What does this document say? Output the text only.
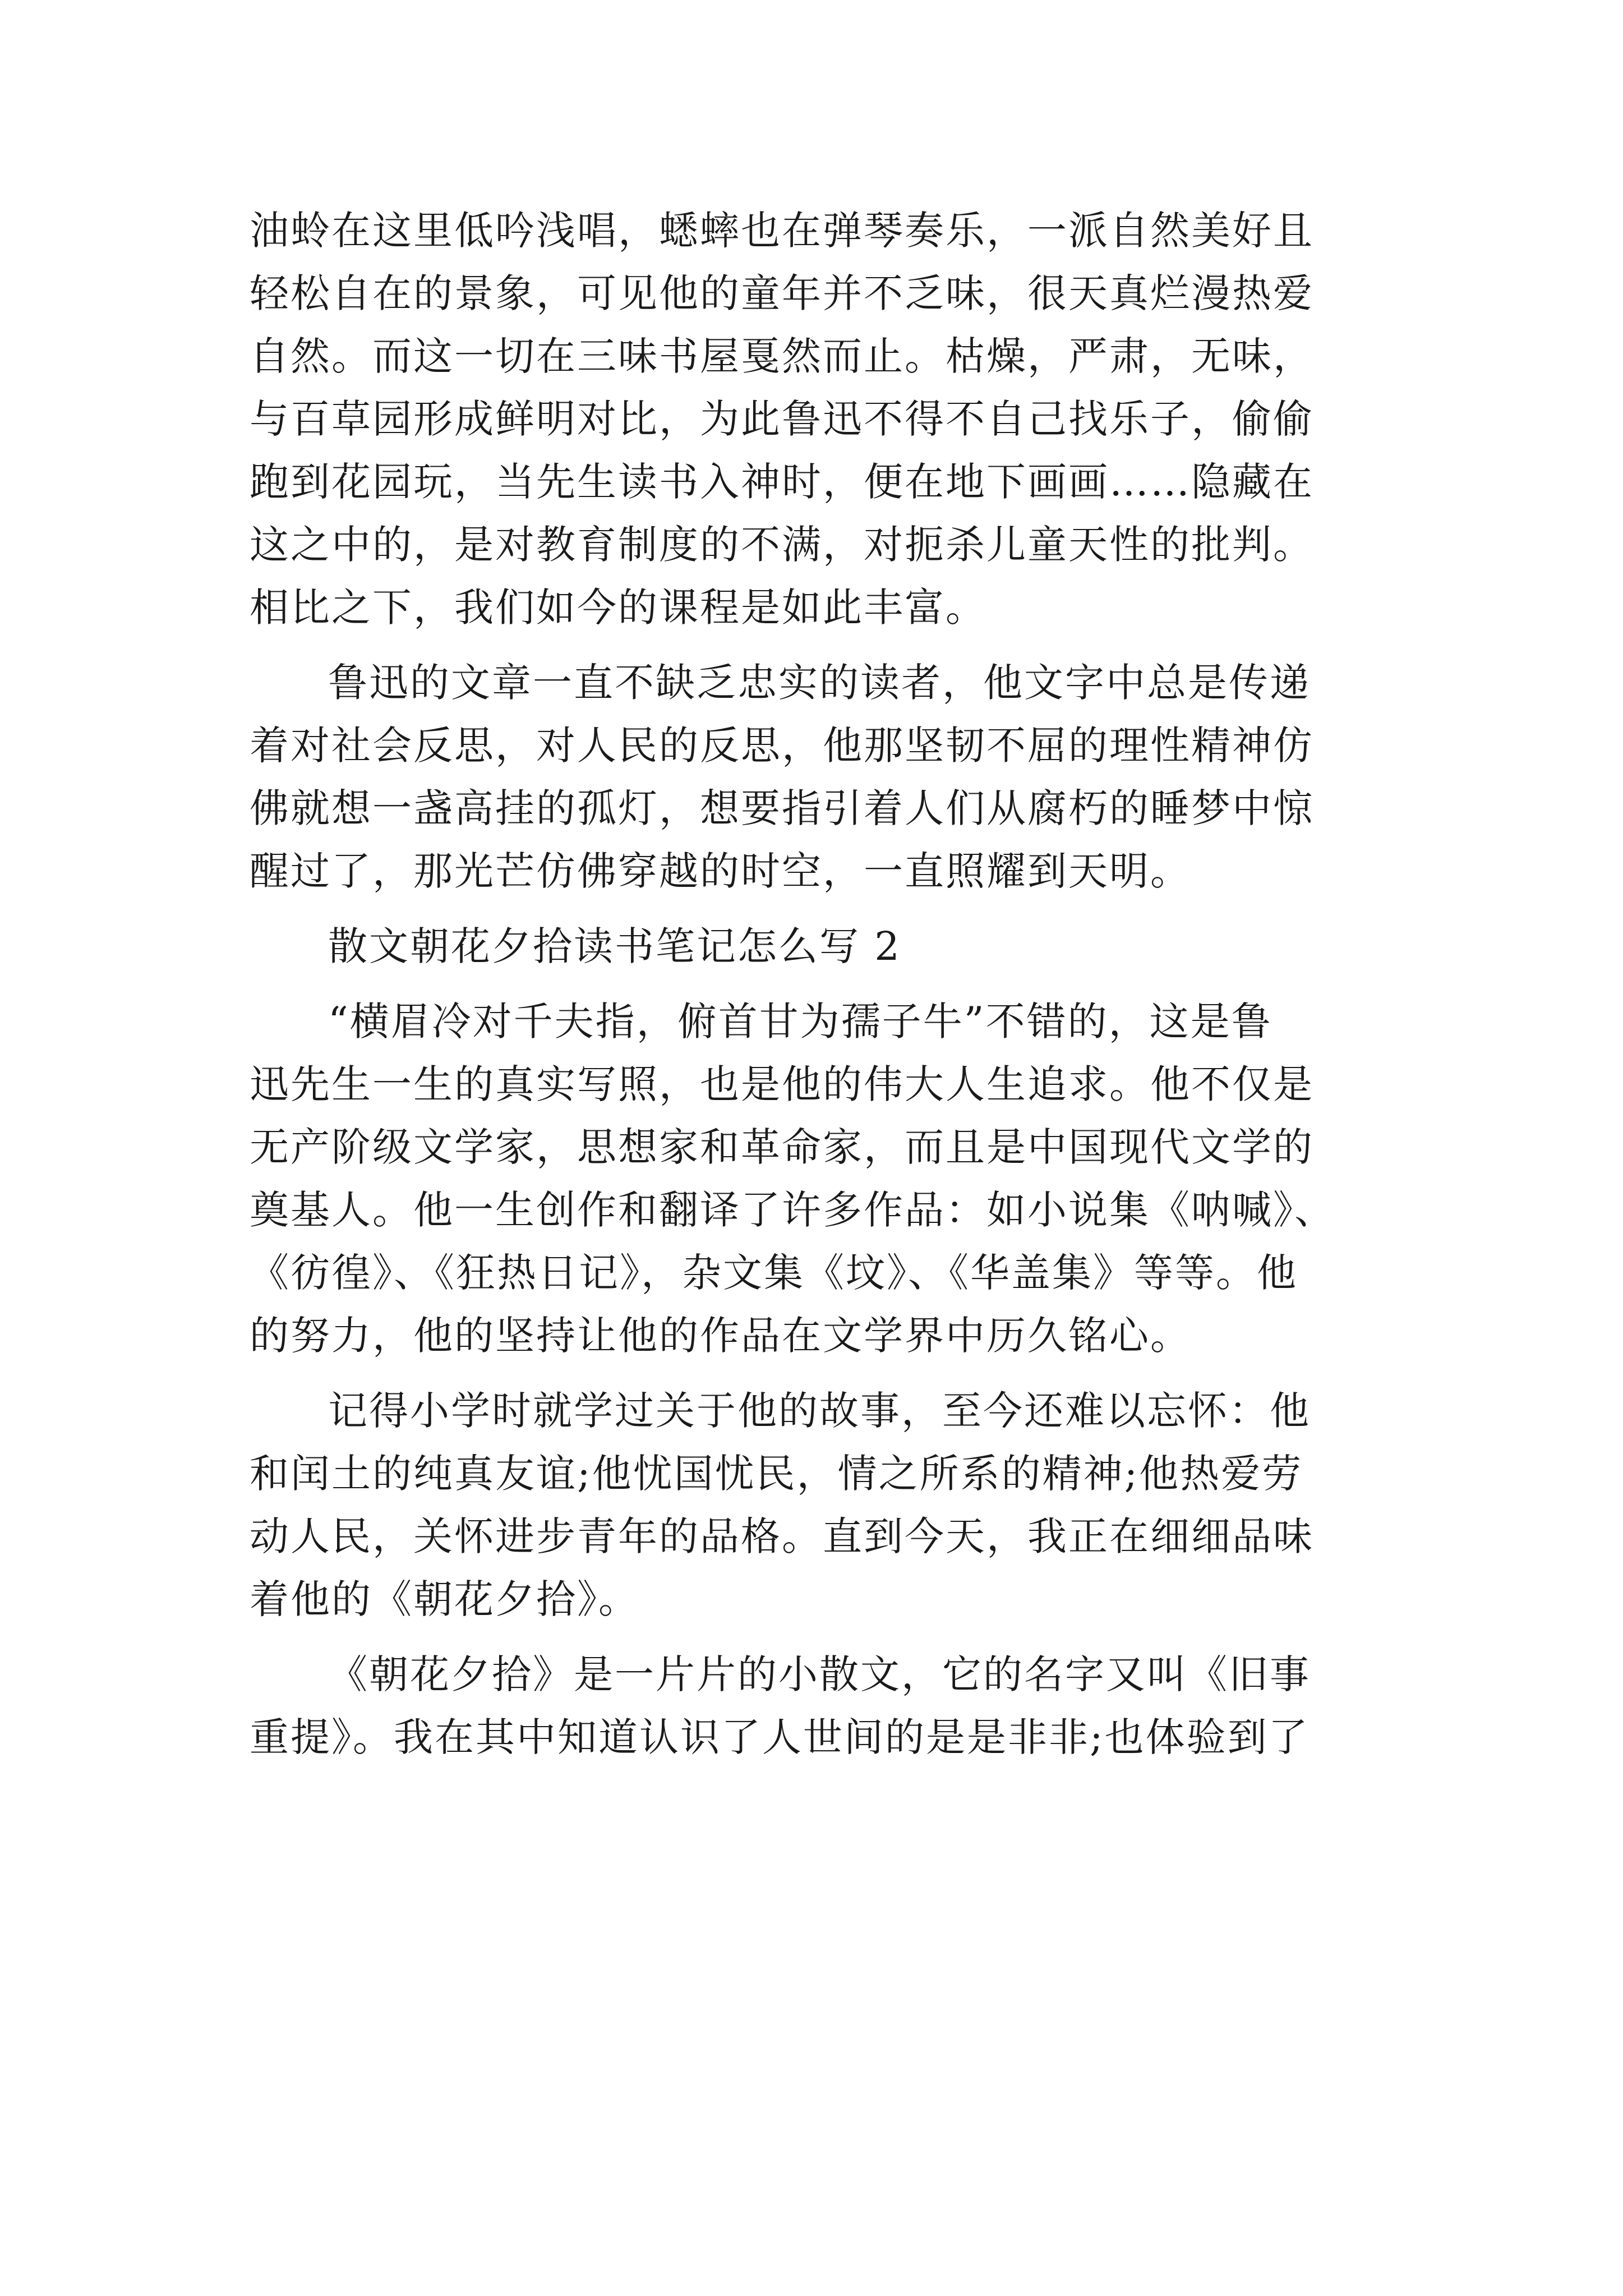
油蛉在这里低吟浅唱，蟋蟀也在弹琴奏乐，一派自然美好且
轻松自在的景象，可见他的童年并不乏味，很天真烂漫热爱
自然。而这一切在三味书屋戛然而止。枯燥，严肃，无味，
与百草园形成鲜明对比，为此鲁迅不得不自己找乐子，偷偷
跑到花园玩，当先生读书入神时，便在地下画画……隐藏在
这之中的，是对教育制度的不满，对扼杀儿童天性的批判。
相比之下，我们如今的课程是如此丰富。
鲁迅的文章一直不缺乏忠实的读者，他文字中总是传递
着对社会反思，对人民的反思，他那坚韧不屈的理性精神仿
佛就想一盏高挂的孤灯，想要指引着人们从腐朽的睡梦中惊
醒过了，那光芒仿佛穿越的时空，一直照耀到天明。
散文朝花夕拾读书笔记怎么写 2
“横眉冷对千夫指，俯首甘为孺子牛”不错的，这是鲁
迅先生一生的真实写照，也是他的伟大人生追求。他不仅是
无产阶级文学家，思想家和革命家，而且是中国现代文学的
奠基人。他一生创作和翻译了许多作品：如小说集《呐喊》、
《彷徨》、《狂热日记》，杂文集《坟》、《华盖集》等等。他
的努力，他的坚持让他的作品在文学界中历久铭心。
记得小学时就学过关于他的故事，至今还难以忘怀：他
和闰土的纯真友谊;他忧国忧民，情之所系的精神;他热爱劳
动人民，关怀进步青年的品格。直到今天，我正在细细品味
着他的《朝花夕拾》。
《朝花夕拾》是一片片的小散文，它的名字又叫《旧事
重提》。我在其中知道认识了人世间的是是非非;也体验到了
